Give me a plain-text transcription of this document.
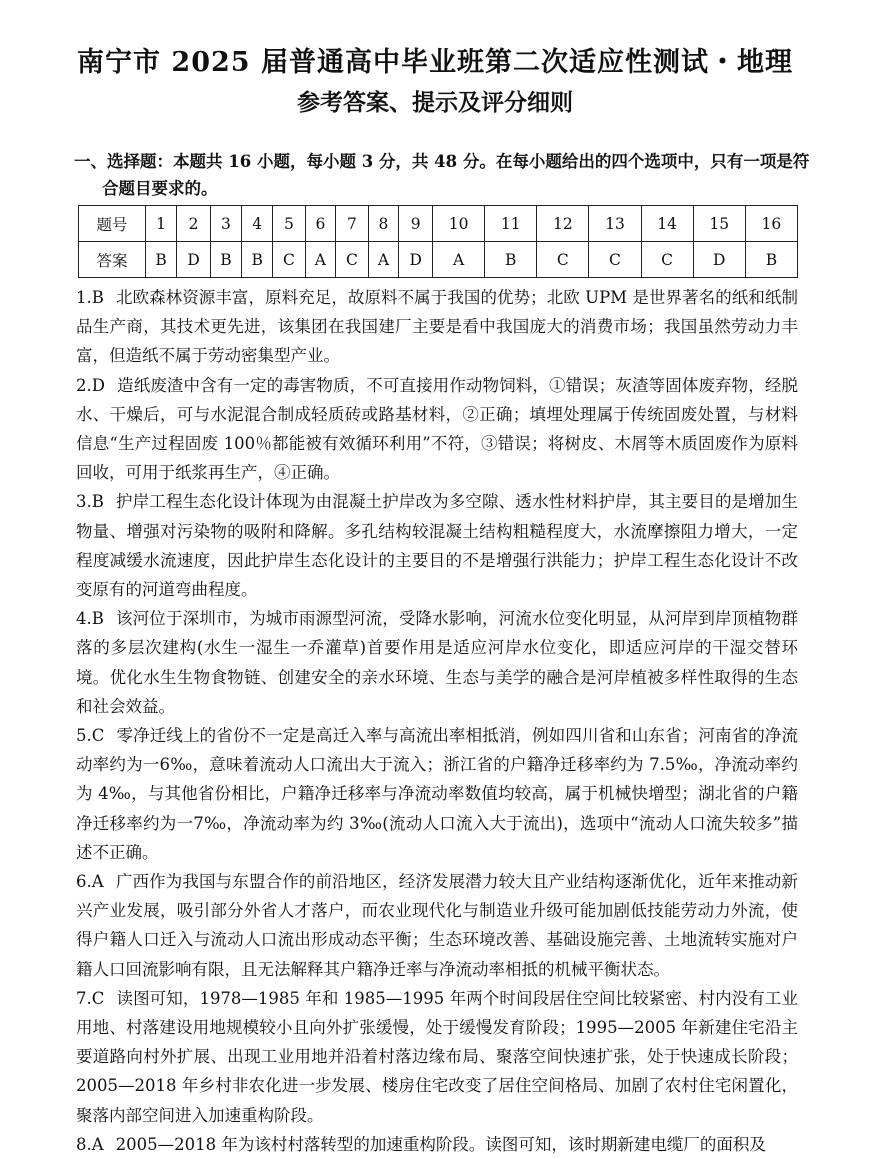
南宁市 2025 届普通高中毕业班第二次适应性测试・地理
参考答案、提示及评分细则
一、选择题：本题共 16 小题，每小题 3 分，共 48 分。在每小题给出的四个选项中，只有一项是符
合题目要求的。
题号	1	2	3	4	5	6	7	8	9	10	11	12	13	14	15	16
答案	B	D	B	B	C	A	C	A	D	A	B	C	C	C	D	B

1.B 北欧森林资源丰富，原料充足，故原料不属于我国的优势；北欧 UPM 是世界著名的纸和纸制品生产商，其技术更先进，该集团在我国建厂主要是看中我国庞大的消费市场；我国虽然劳动力丰富，但造纸不属于劳动密集型产业。

2.D 造纸废渣中含有一定的毒害物质，不可直接用作动物饲料，①错误；灰渣等固体废弃物，经脱水、干燥后，可与水泥混合制成轻质砖或路基材料，②正确；填埋处理属于传统固废处置，与材料信息“生产过程固废 100％都能被有效循环利用”不符，③错误；将树皮、木屑等木质固废作为原料回收，可用于纸浆再生产，④正确。

3.B 护岸工程生态化设计体现为由混凝土护岸改为多空隙、透水性材料护岸，其主要目的是增加生物量、增强对污染物的吸附和降解。多孔结构较混凝土结构粗糙程度大，水流摩擦阻力增大，一定程度减缓水流速度，因此护岸生态化设计的主要目的不是增强行洪能力；护岸工程生态化设计不改变原有的河道弯曲程度。

4.B 该河位于深圳市，为城市雨源型河流，受降水影响，河流水位变化明显，从河岸到岸顶植物群落的多层次建构(水生一湿生一乔灌草)首要作用是适应河岸水位变化，即适应河岸的干湿交替环境。优化水生生物食物链、创建安全的亲水环境、生态与美学的融合是河岸植被多样性取得的生态和社会效益。

5.C 零净迁线上的省份不一定是高迁入率与高流出率相抵消，例如四川省和山东省；河南省的净流动率约为一6‰，意味着流动人口流出大于流入；浙江省的户籍净迁移率约为 7.5‰，净流动率约为 4‰，与其他省份相比，户籍净迁移率与净流动率数值均较高，属于机械快增型；湖北省的户籍净迁移率约为一7‰，净流动率为约 3‰(流动人口流入大于流出)，选项中“流动人口流失较多”描述不正确。

6.A 广西作为我国与东盟合作的前沿地区，经济发展潜力较大且产业结构逐渐优化，近年来推动新兴产业发展，吸引部分外省人才落户，而农业现代化与制造业升级可能加剧低技能劳动力外流，使得户籍人口迁入与流动人口流出形成动态平衡；生态环境改善、基础设施完善、土地流转实施对户籍人口回流影响有限，且无法解释其户籍净迁率与净流动率相抵的机械平衡状态。

7.C 读图可知，1978—1985 年和 1985—1995 年两个时间段居住空间比较紧密、村内没有工业用地、村落建设用地规模较小且向外扩张缓慢，处于缓慢发育阶段；1995—2005 年新建住宅沿主要道路向村外扩展、出现工业用地并沿着村落边缘布局、聚落空间快速扩张，处于快速成长阶段；2005—2018 年乡村非农化进一步发展、楼房住宅改变了居住空间格局、加剧了农村住宅闲置化，聚落内部空间进入加速重构阶段。

8.A 2005—2018 年为该村村落转型的加速重构阶段。读图可知，该时期新建电缆厂的面积及
